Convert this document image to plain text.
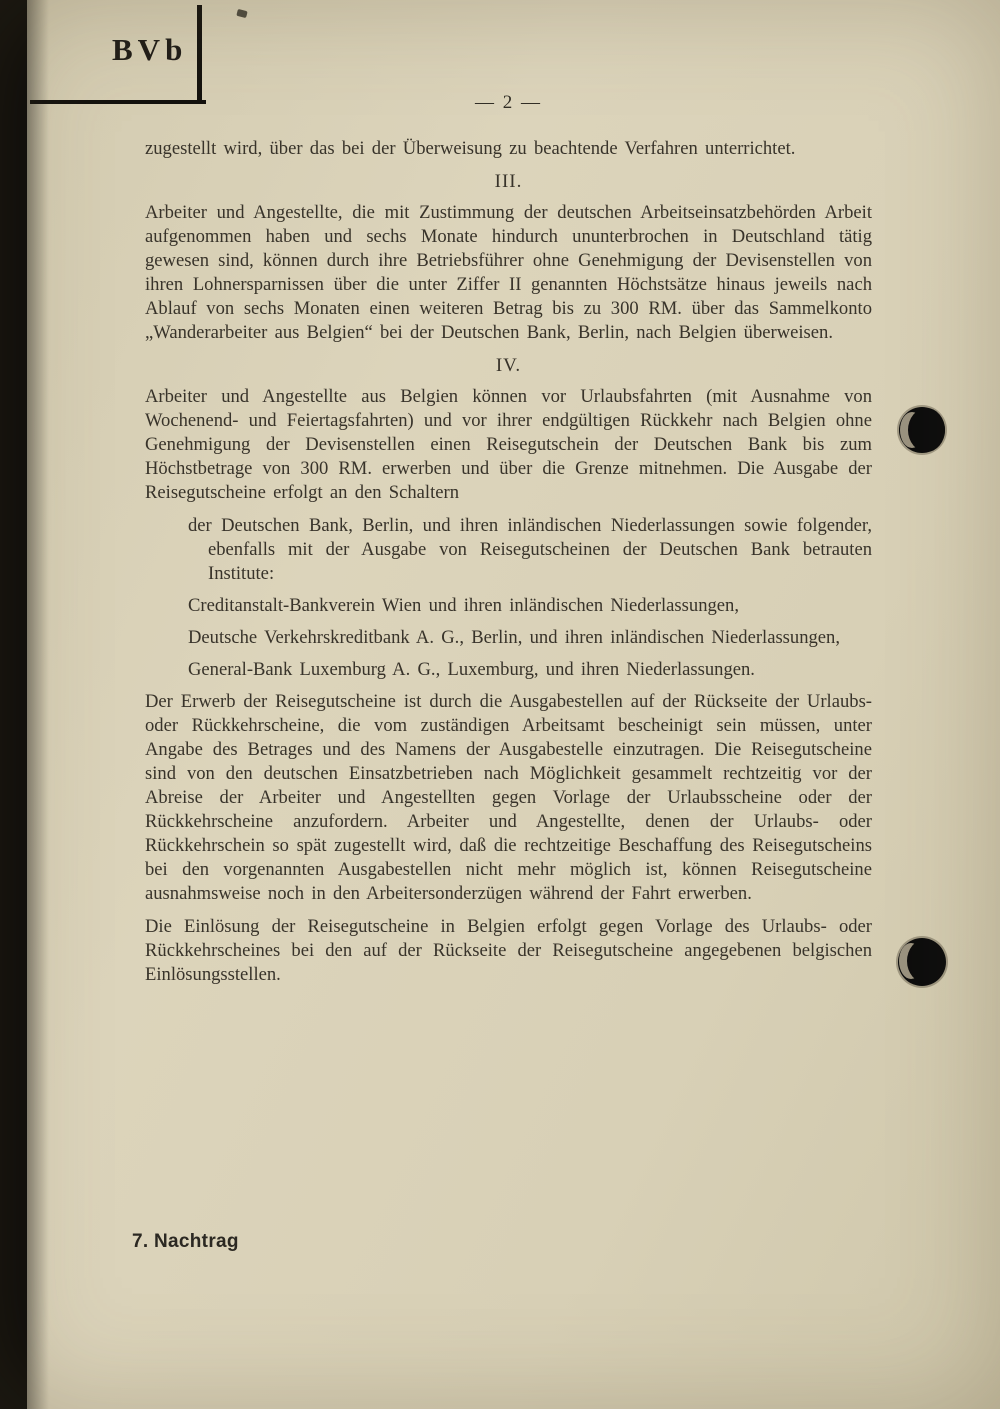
BVb
— 2 —

zugestellt wird, über das bei der Überweisung zu beachtende Verfahren unterrichtet.

III.

Arbeiter und Angestellte, die mit Zustimmung der deutschen Arbeitseinsatzbehörden Arbeit aufgenommen haben und sechs Monate hindurch ununterbrochen in Deutschland tätig gewesen sind, können durch ihre Betriebsführer ohne Genehmigung der Devisenstellen von ihren Lohnersparnissen über die unter Ziffer II genannten Höchstsätze hinaus jeweils nach Ablauf von sechs Monaten einen weiteren Betrag bis zu 300 RM. über das Sammelkonto „Wanderarbeiter aus Belgien“ bei der Deutschen Bank, Berlin, nach Belgien überweisen.

IV.

Arbeiter und Angestellte aus Belgien können vor Urlaubsfahrten (mit Ausnahme von Wochenend- und Feiertagsfahrten) und vor ihrer endgültigen Rückkehr nach Belgien ohne Genehmigung der Devisenstellen einen Reisegutschein der Deutschen Bank bis zum Höchstbetrage von 300 RM. erwerben und über die Grenze mitnehmen. Die Ausgabe der Reisegutscheine erfolgt an den Schaltern

der Deutschen Bank, Berlin, und ihren inländischen Niederlassungen sowie folgender, ebenfalls mit der Ausgabe von Reisegutscheinen der Deutschen Bank betrauten Institute:
Creditanstalt-Bankverein Wien und ihren inländischen Niederlassungen,
Deutsche Verkehrskreditbank A. G., Berlin, und ihren inländischen Niederlassungen,
General-Bank Luxemburg A. G., Luxemburg, und ihren Niederlassungen.

Der Erwerb der Reisegutscheine ist durch die Ausgabestellen auf der Rückseite der Urlaubs- oder Rückkehrscheine, die vom zuständigen Arbeitsamt bescheinigt sein müssen, unter Angabe des Betrages und des Namens der Ausgabestelle einzutragen. Die Reisegutscheine sind von den deutschen Einsatzbetrieben nach Möglichkeit gesammelt rechtzeitig vor der Abreise der Arbeiter und Angestellten gegen Vorlage der Urlaubsscheine oder der Rückkehrscheine anzufordern. Arbeiter und Angestellte, denen der Urlaubs- oder Rückkehrschein so spät zugestellt wird, daß die rechtzeitige Beschaffung des Reisegutscheins bei den vorgenannten Ausgabestellen nicht mehr möglich ist, können Reisegutscheine ausnahmsweise noch in den Arbeitersonderzügen während der Fahrt erwerben.

Die Einlösung der Reisegutscheine in Belgien erfolgt gegen Vorlage des Urlaubs- oder Rückkehrscheines bei den auf der Rückseite der Reisegutscheine angegebenen belgischen Einlösungsstellen.

7. Nachtrag
